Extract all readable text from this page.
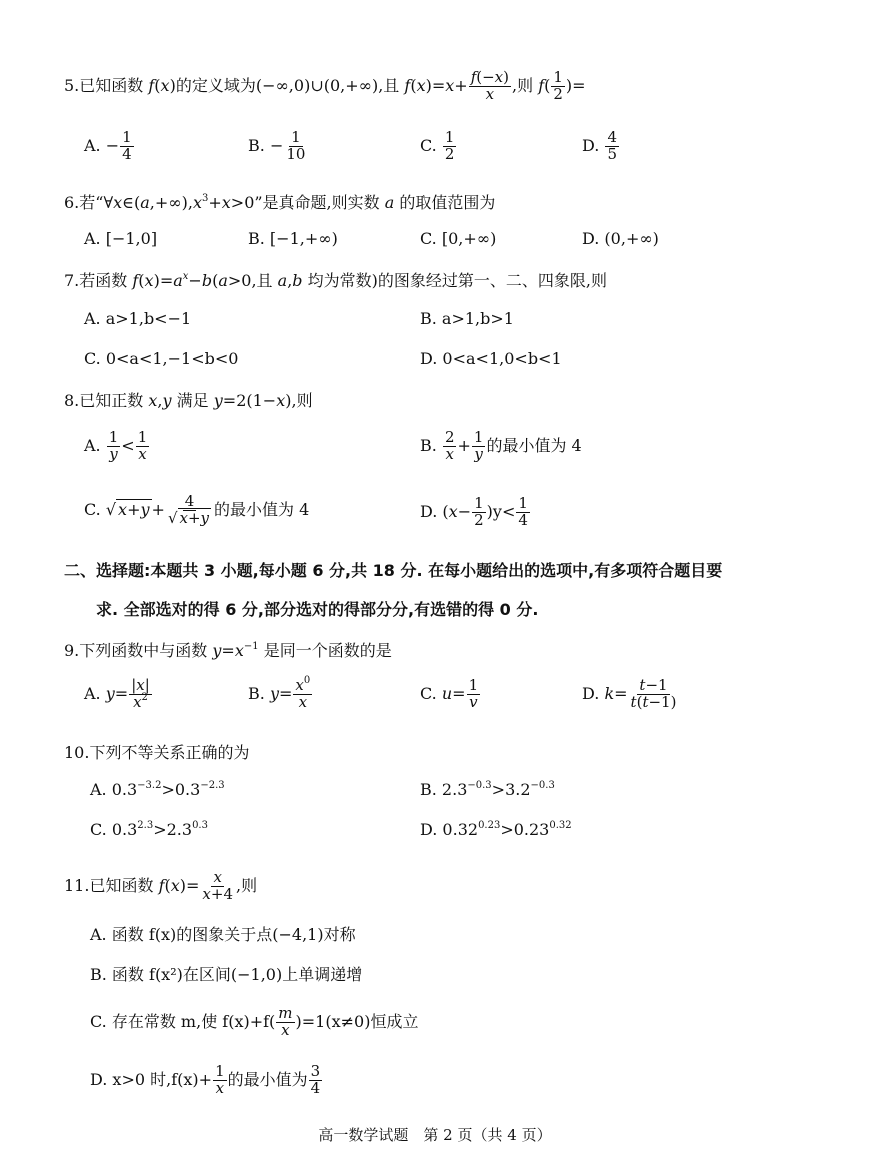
5.已知函数 f(x)的定义域为(−∞,0)∪(0,+∞),且 $f(x)=x+ \frac{f(-x)}{x}$ ,则 $f( \frac{1}{2}$ )=
A. − $\frac{1}{4}$	B. − $\frac{1}{10}$	C. $\frac{1}{2}$	D. $\frac{4}{5}$
6.若“$\forall x\in(a,+\infty),x^3+x>0$”是真命题,则实数 a 的取值范围为
A. [−1,0]	B. [−1,+∞)	C. [0,+∞)	D. (0,+∞)
7.若函数 $f(x)=a^x-b(a>0$,且 a,b 均为常数)的图象经过第一、二、四象限,则
A. a>1,b<−1	B. a>1,b>1
C. 0<a<1,−1<b<0	D. 0<a<1,0<b<1
8.已知正数 x,y 满足 y=2(1−x),则
A. $\frac{1}{y} < \frac{1}{x}$	B. $\frac{2}{x} + \frac{1}{y}$ 的最小值为 4
C. √ $x+y + \frac{4}{√ x+y}$ 的最小值为 4	D. $(x- \frac{1}{2} )y< \frac{1}{4}$
二、选择题:本题共 3 小题,每小题 6 分,共 18 分. 在每小题给出的选项中,有多项符合题目要
求. 全部选对的得 6 分,部分选对的得部分分,有选错的得 0 分.
9.下列函数中与函数 $y=x^{-1}$ 是同一个函数的是
A. $y= \frac{|x|}{x^2}$	B. $y= \frac{x^0}{x}$	C. $u= \frac{1}{v}$	D. $k= \frac{t-1}{t(t-1)}$
10.下列不等关系正确的为
A. $0.3^{-3.2}>0.3^{-2.3}$	B. $2.3^{-0.3}>3.2^{-0.3}$
C. $0.3^{2.3}>2.3^{0.3}$	D. $0.32^{0.23}>0.23^{0.32}$
11.已知函数 $f(x)= \frac{x}{x+4}$ ,则
A. 函数 f(x)的图象关于点(−4,1)对称
B. 函数 f(x²)在区间(−1,0)上单调递增
C. 存在常数 m,使 $f(x)+f( \frac{m}{x} )=1(x\ne 0)$恒成立
D. x>0 时$,f(x)+ \frac{1}{x}$ 的最小值为 $\frac{3}{4}$
高一数学试题　第 2 页（共 4 页）
